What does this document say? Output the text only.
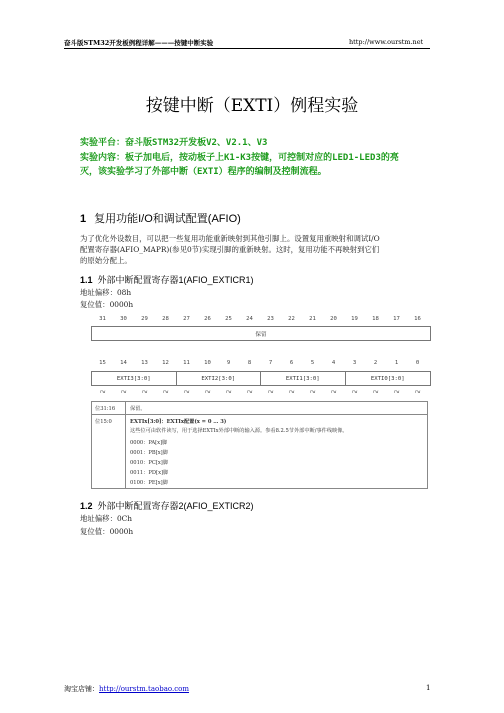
奋斗版STM32开发板例程详解———按键中断实验	http://www.ourstm.net
按键中断（EXTI）例程实验
实验平台：奋斗版STM32开发板V2、V2.1、V3
实验内容：板子加电后，按动板子上K1-K3按键，可控制对应的LED1-LED3的亮
灭，该实验学习了外部中断（EXTI）程序的编制及控制流程。
1 复用功能I/O和调试配置(AFIO)
为了优化外设数目，可以把一些复用功能重新映射到其他引脚上。设置复用重映射和调试I/O
配置寄存器(AFIO_MAPR)(参见0节)实现引脚的重新映射。这时，复用功能不再映射到它们
的原始分配上。
1.1 外部中断配置寄存器1(AFIO_EXTICR1)
地址偏移：08h
复位值：0000h
31	30	29	28	27	26	25	24	23	22	21	20	19	18	17	16
保留
15	14	13	12	11	10	9	8	7	6	5	4	3	2	1	0
EXTI3[3:0]	EXTI2[3:0]	EXTI1[3:0]	EXTI0[3:0]
rw	rw	rw	rw	rw	rw	rw	rw	rw	rw	rw	rw	rw	rw	rw	rw
位31:16	保留。
位15:0	EXTIx[3:0]：EXTIx配置(x = 0 … 3)
这些位可由软件读写，用于选择EXTIx外部中断的输入源。参看8.2.5节外部中断/事件线映像。
0000：PA[x]脚
0001：PB[x]脚
0010：PC[x]脚
0011：PD[x]脚
0100：PE[x]脚
1.2 外部中断配置寄存器2(AFIO_EXTICR2)
地址偏移：0Ch
复位值：0000h
淘宝店铺：http://ourstm.taobao.com	1
